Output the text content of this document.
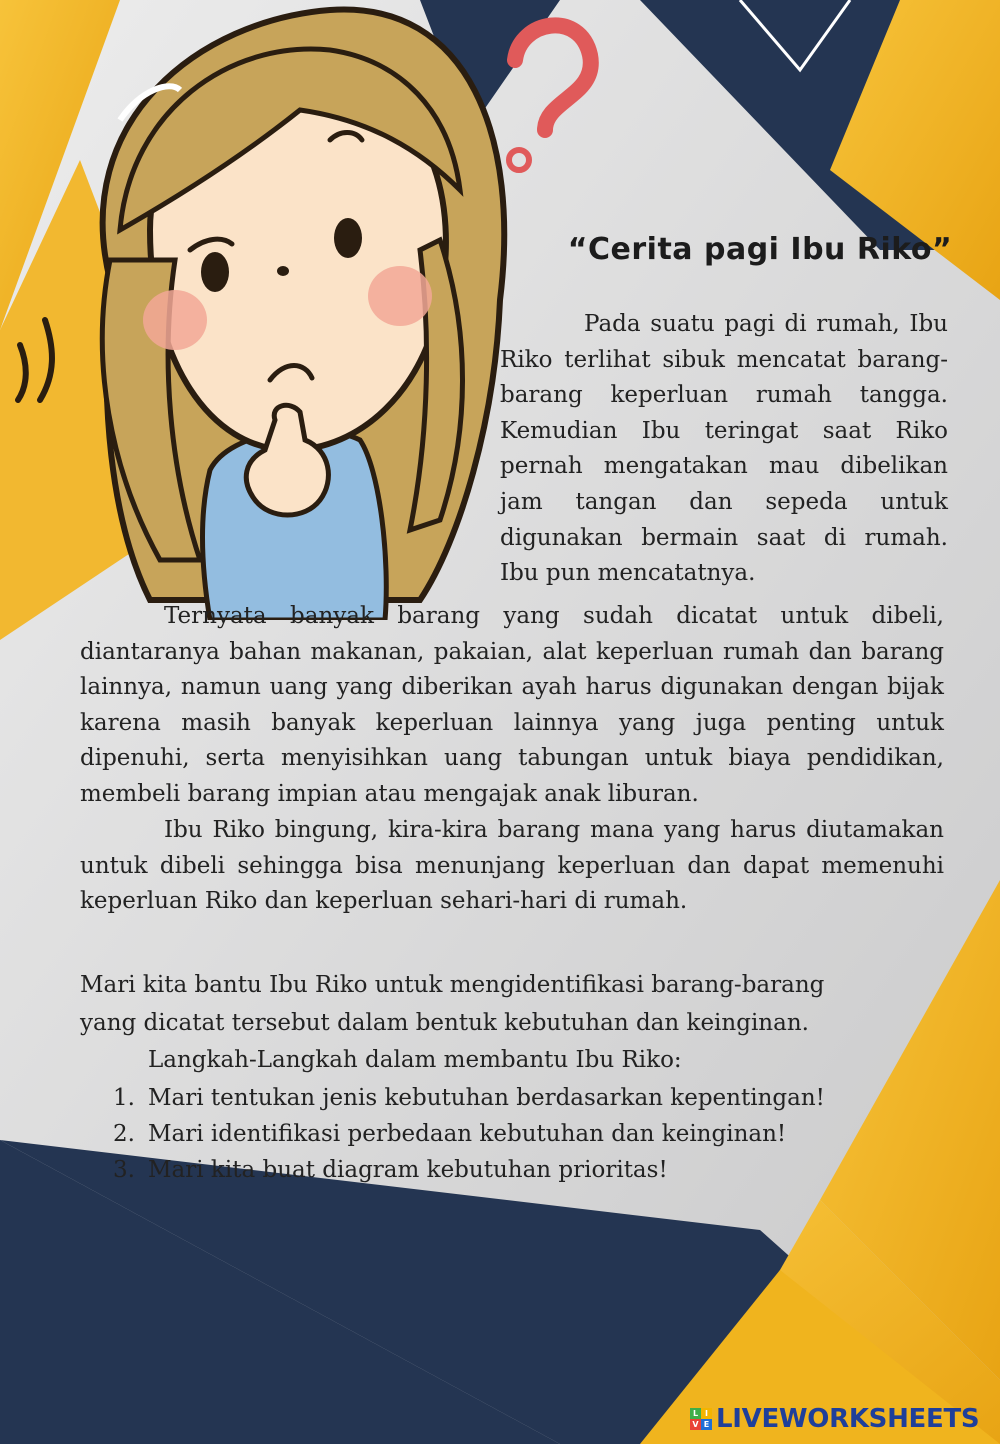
“Cerita pagi Ibu Riko”

Pada suatu pagi di rumah, Ibu Riko terlihat sibuk mencatat barang-barang keperluan rumah tangga. Kemudian Ibu teringat saat Riko pernah mengatakan mau dibelikan jam tangan dan sepeda untuk digunakan bermain saat di rumah. Ibu pun mencatatnya.

Ternyata banyak barang yang sudah dicatat untuk dibeli, diantaranya bahan makanan, pakaian, alat keperluan rumah dan barang lainnya, namun uang yang diberikan ayah harus digunakan dengan bijak karena masih banyak keperluan lainnya yang juga penting untuk dipenuhi, serta menyisihkan uang tabungan untuk biaya pendidikan, membeli barang impian atau mengajak anak liburan.

Ibu Riko bingung, kira-kira barang mana yang harus diutamakan untuk dibeli sehingga bisa menunjang keperluan dan dapat memenuhi keperluan Riko dan keperluan sehari-hari di rumah.

Mari kita bantu Ibu Riko untuk mengidentifikasi barang-barang yang dicatat tersebut dalam bentuk kebutuhan dan keinginan.

Langkah-Langkah dalam membantu Ibu Riko:

1. Mari tentukan jenis kebutuhan berdasarkan kepentingan!
2. Mari identifikasi perbedaan kebutuhan dan keinginan!
3. Mari kita buat diagram kebutuhan prioritas!
L I
V E LIVEWORKSHEETS
